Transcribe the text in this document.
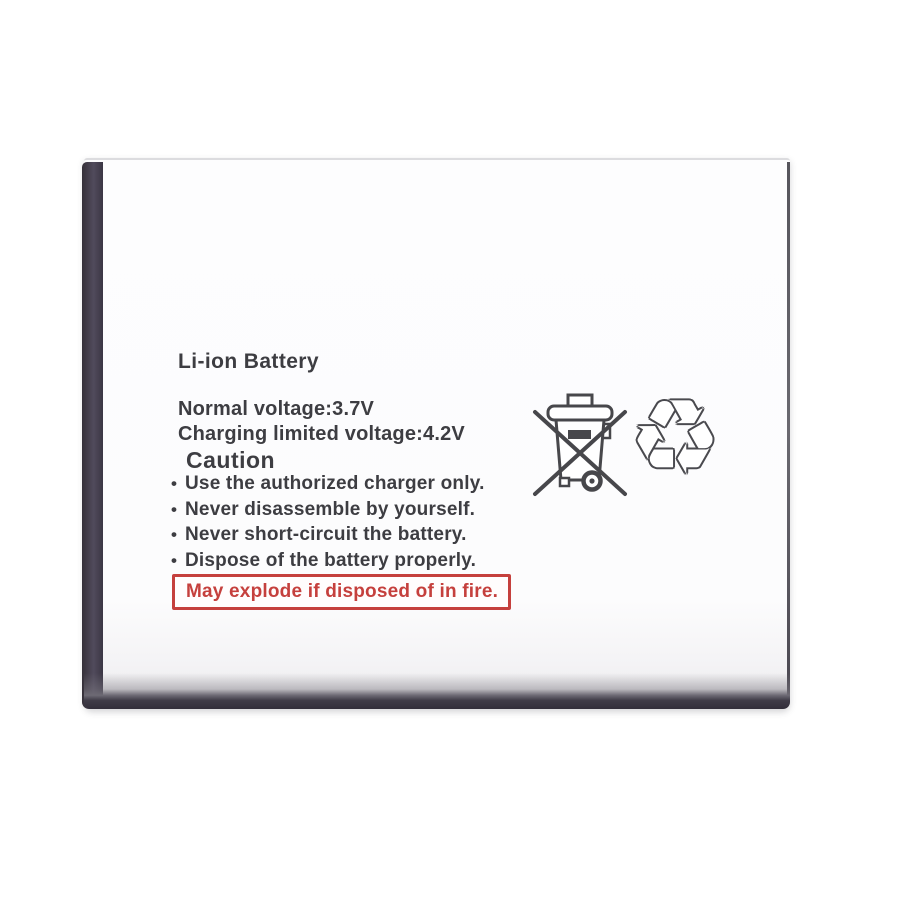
Li-ion Battery
Normal voltage:3.7V
Charging limited voltage:4.2V
Caution
• Use the authorized charger only.
• Never disassemble by yourself.
• Never short-circuit the battery.
• Dispose of the battery properly.
May explode if disposed of in fire.
♻
